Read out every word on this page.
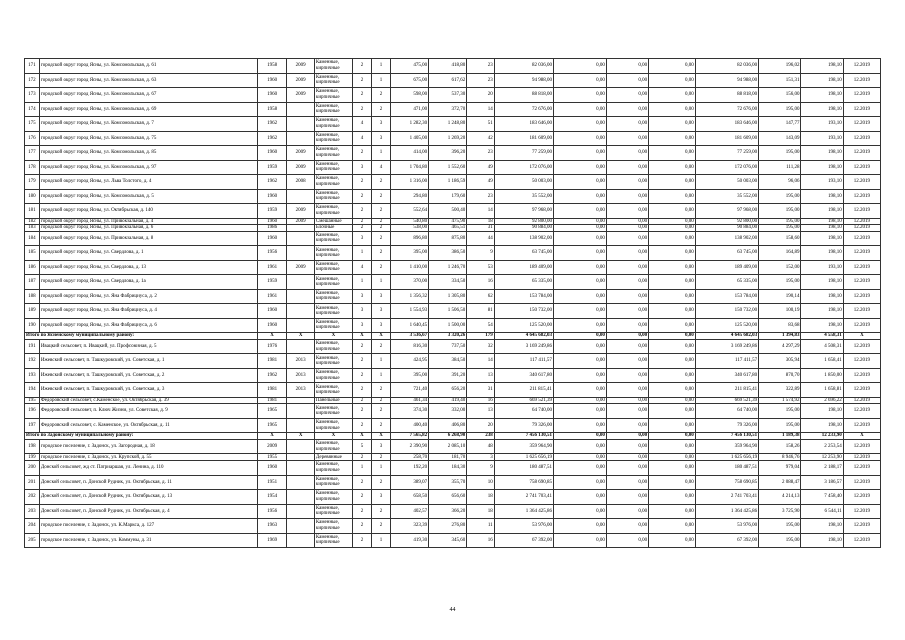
171	городской округ город Ясны, ул. Комсомольская, д. 61	1958	2009	Каменные, кирпичные	2	1	475,00	418,80	23	82 036,00	0,00	0,00	0,00	82 036,00	196,02	198,10	12.2019
172	городской округ город Ясны, ул. Комсомольская, д. 63	1960	2009	Каменные, кирпичные	2	1	675,00	617,62	23	94 988,00	0,00	0,00	0,00	94 988,00	151,31	198,10	12.2019
173	городской округ город Ясны, ул. Комсомольская, д. 67	1960	2009	Каменные, кирпичные	2	2	598,00	537,30	20	88 818,00	0,00	0,00	0,00	88 818,00	156,00	198,10	12.2019
174	городской округ город Ясны, ул. Комсомольская, д. 69	1958		Каменные, кирпичные	2	2	471,00	372,70	14	72 676,00	0,00	0,00	0,00	72 676,00	195,00	198,10	12.2019
175	городской округ город Ясны, ул. Комсомольская, д. 7	1962		Каменные, кирпичные	4	3	1 282,30	1 248,80	51	183 646,00	0,00	0,00	0,00	183 646,00	147,77	193,10	12.2019
176	городской округ город Ясны, ул. Комсомольская, д. 75	1962		Каменные, кирпичные	4	3	1 405,00	1 269,20	42	181 609,00	0,00	0,00	0,00	181 609,00	143,09	193,10	12.2019
177	городской округ город Ясны, ул. Комсомольская, д. 85	1960	2009	Каменные, кирпичные	2	1	414,00	396,20	23	77 259,00	0,00	0,00	0,00	77 259,00	195,00	198,10	12.2019
178	городской округ город Ясны, ул. Комсомольская, д. 97	1959	2009	Каменные, кирпичные	3	4	1 704,80	1 552,60	49	172 076,00	0,00	0,00	0,00	172 076,00	111,28	198,10	12.2019
179	городской округ город Ясны, ул. Льва Толстого, д. 4	1962	2008	Каменные, кирпичные	2	2	1 316,00	1 186,59	49	50 003,00	0,00	0,00	0,00	50 003,00	96,06	193,10	12.2019
180	городской округ город Ясны, ул. Комсомольская, д. 5	1960		Каменные, кирпичные	2	2	294,80	179,60	23	35 552,00	0,00	0,00	0,00	35 552,00	195,00	198,10	12.2019
181	городской округ город Ясны, ул. Октябрьская, д. 140	1959	2009	Каменные, кирпичные	2	2	552,64	500,40	14	97 968,00	0,00	0,00	0,00	97 968,00	195,00	198,10	12.2019
182	городской округ город Ясны, ул. Привокзальная, д. 4	1960	2009	Смешанные	2	2	540,80	475,90	18	92 800,00	0,00	0,00	0,00	92 800,00	195,00	198,10	12.2019
183	городской округ город Ясны, ул. Привокзальная, д. 6	1986		Блочные	2	2	538,00	465,51	31	90 884,00	0,00	0,00	0,00	90 884,00	195,00	198,10	12.2019
184	городской округ город Ясны, ул. Привокзальная, д. 8	1960		Каменные, кирпичные	3	2	896,80	875,80	44	138 902,00	0,00	0,00	0,00	138 902,00	158,60	198,10	12.2019
185	городской округ город Ясны, ул. Свердлова, д. 1	1956		Каменные, кирпичные	1	2	395,00	386,50	9	63 745,00	0,00	0,00	0,00	63 745,00	164,89	198,10	12.2019
186	городской округ город Ясны, ул. Свердлова, д. 13	1961	2009	Каменные, кирпичные	4	2	1 410,00	1 246,70	53	189 409,00	0,00	0,00	0,00	189 409,00	152,00	193,10	12.2019
187	городской округ город Ясны, ул. Свердлова, д. 1а	1959		Каменные, кирпичные	1	1	370,00	334,50	16	65 335,00	0,00	0,00	0,00	65 335,00	195,00	198,10	12.2019
188	городской округ город Ясны, ул. Яна Фабрициуса, д. 2	1961		Каменные, кирпичные	3	3	1 356,32	1 305,80	62	153 784,00	0,00	0,00	0,00	153 784,00	190,14	198,10	12.2019
189	городской округ город Ясны, ул. Яна Фабрициуса, д. 4	1960		Каменные, кирпичные	3	3	1 554,93	1 506,50	81	150 732,00	0,00	0,00	0,00	150 732,00	100,19	198,10	12.2019
190	городской округ город Ясны, ул. Яна Фабрициуса, д. 6	1960		Каменные, кирпичные	3	3	1 640,45	1 500,00	54	125 520,00	0,00	0,00	0,00	125 520,00	83,68	198,10	12.2019
Итого по Ясненскому муниципальному району:		X	X	X	X	X	3 536,67	3 320,26	179	4 645 682,03	0,00	0,00	0,00	4 645 682,03	1 394,83	4 558,31	X
191	Ивацкий сельсовет, п. Ивацкий, ул. Профсоюзная, д. 5	1976		Каменные, кирпичные	2	2	816,30	737,50	32	3 169 249,86	0,00	0,00	0,00	3 169 249,86	4 297,29	4 508,31	12.2019
192	Ижевский сельсовет, п. Ташкуровский, ул. Советская, д. 1	1981	2013	Каменные, кирпичные	2	1	424,95	384,50	14	117 411,57	0,00	0,00	0,00	117 411,57	305,94	1 658,41	12.2019
193	Ижевский сельсовет, п. Ташкуровский, ул. Советская, д. 2	1962	2013	Каменные, кирпичные	2	1	395,00	391,20	13	340 617,80	0,00	0,00	0,00	340 617,80	870,70	1 850,00	12.2019
194	Ижевский сельсовет, п. Ташкуровский, ул. Советская, д. 3	1981	2013	Каменные, кирпичные	2	2	721,40	656,20	31	211 815,41	0,00	0,00	0,00	211 815,41	322,89	1 658,81	12.2019
195	Федоровский сельсовет, с.Каменское, ул. Октябрьская, д. 39	1981		Панельные	2	2	461,34	419,40	16	669 521,39	0,00	0,00	0,00	669 521,39	1 574,92	2 696,22	12.2019
196	Федоровский сельсовет, п. Ключ Жизни, ул. Советская, д. 9	1965		Каменные, кирпичные	2	2	374,30	332,00	13	64 740,00	0,00	0,00	0,00	64 740,00	195,00	198,10	12.2019
197	Федоровский сельсовет, с. Каменское, ул. Октябрьская, д. 11	1965		Каменные, кирпичные	2	2	400,40	406,80	20	79 326,00	0,00	0,00	0,00	79 326,00	195,00	198,10	12.2019
Итого по Задонскому муниципальному району:		X	X	X	X	X	7 565,82	6 268,90	238	7 456 130,51	0,00	0,00	0,00	7 456 130,51	1 189,38	12 233,90	X
198	городское поселение, г. Задонск, ул. Загородная, д. 18	2009		Каменные, кирпичные	5	3	2 390,90	2 085,10	48	359 964,90	0,00	0,00	0,00	359 964,90	158,26	2 253,54	12.2019
199	городское поселение, г. Задонск, ул. Крупской, д. 55	1955		Деревянные	2	2	258,70	181,70	3	1 625 656,19	0,00	0,00	0,00	1 625 656,19	8 946,76	12 253,90	12.2019
200	Донской сельсовет, жд ст. Патриаршая, ул. Ленина, д. 110	1960		Каменные, кирпичные	1	1	192,20	184,30	9	180 487,51	0,00	0,00	0,00	180 487,51	979,04	2 188,17	12.2019
201	Донской сельсовет, п. Донской Рудник, ул. Октябрьская, д. 11	1951		Каменные, кирпичные	2	2	389,07	355,70	10	758 690,85	0,00	0,00	0,00	758 690,85	2 088,47	3 186,57	12.2019
202	Донской сельсовет, п. Донской Рудник, ул. Октябрьская, д. 13	1954		Каменные, кирпичные	2	3	658,50	656,60	18	2 741 703,41	0,00	0,00	0,00	2 741 703,41	4 214,13	7 458,40	12.2019
203	Донской сельсовет, п. Донской Рудник, ул. Октябрьская, д. 4	1956		Каменные, кирпичные	2	2	402,57	366,20	18	1 364 425,86	0,00	0,00	0,00	1 364 425,86	3 725,90	6 544,11	12.2019
204	городское поселение, г. Задонск, ул. К.Маркса, д. 127	1963		Каменные, кирпичные	2	2	323,39	276,80	11	53 976,00	0,00	0,00	0,00	53 976,00	195,00	198,10	12.2019
205	городское поселение, г. Задонск, ул. Коммуны, д. 31	1969		Каменные, кирпичные	2	1	419,30	345,60	16	67 392,00	0,00	0,00	0,00	67 392,00	195,00	198,10	12.2019
44
